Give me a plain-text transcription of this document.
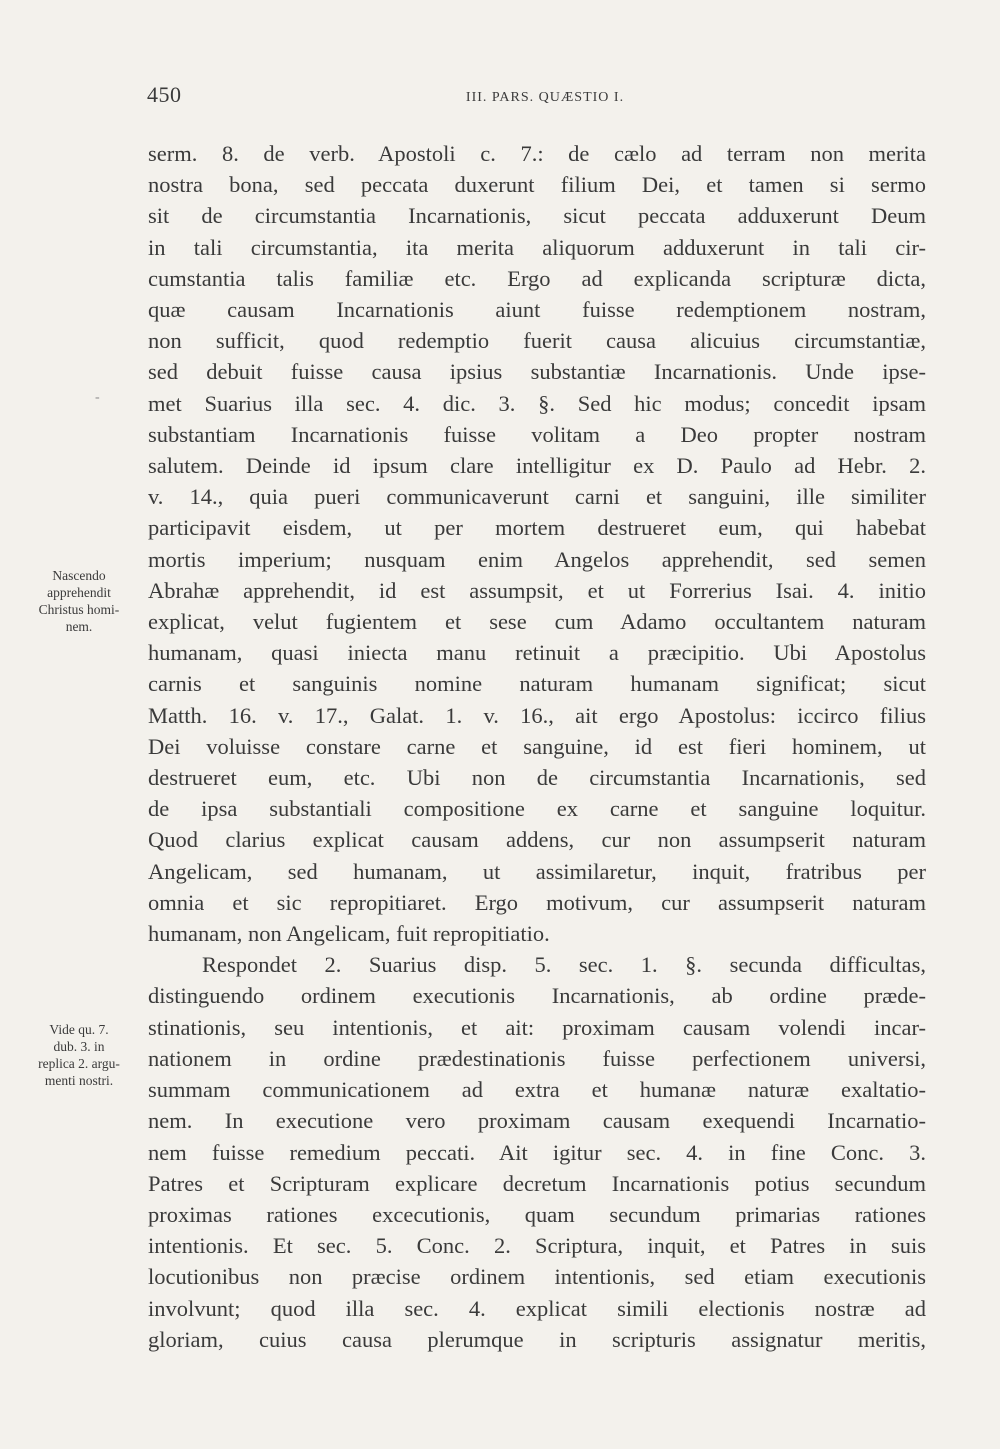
450	III. PARS. QUÆSTIO I.
-
Nascendo
apprehendit
Christus homi-
nem.
Vide qu. 7.
dub. 3. in
replica 2. argu-
menti nostri.
serm. 8. de verb. Apostoli c. 7.: de cælo ad terram non merita
nostra bona, sed peccata duxerunt filium Dei, et tamen si sermo
sit de circumstantia Incarnationis, sicut peccata adduxerunt Deum
in tali circumstantia, ita merita aliquorum adduxerunt in tali cir-
cumstantia talis familiæ etc. Ergo ad explicanda scripturæ dicta,
quæ causam Incarnationis aiunt fuisse redemptionem nostram,
non sufficit, quod redemptio fuerit causa alicuius circumstantiæ,
sed debuit fuisse causa ipsius substantiæ Incarnationis. Unde ipse-
met Suarius illa sec. 4. dic. 3. §. Sed hic modus; concedit ipsam
substantiam Incarnationis fuisse volitam a Deo propter nostram
salutem. Deinde id ipsum clare intelligitur ex D. Paulo ad Hebr. 2.
v. 14., quia pueri communicaverunt carni et sanguini, ille similiter
participavit eisdem, ut per mortem destrueret eum, qui habebat
mortis imperium; nusquam enim Angelos apprehendit, sed semen
Abrahæ apprehendit, id est assumpsit, et ut Forrerius Isai. 4. initio
explicat, velut fugientem et sese cum Adamo occultantem naturam
humanam, quasi iniecta manu retinuit a præcipitio. Ubi Apostolus
carnis et sanguinis nomine naturam humanam significat; sicut
Matth. 16. v. 17., Galat. 1. v. 16., ait ergo Apostolus: iccirco filius
Dei voluisse constare carne et sanguine, id est fieri hominem, ut
destrueret eum, etc. Ubi non de circumstantia Incarnationis, sed
de ipsa substantiali compositione ex carne et sanguine loquitur.
Quod clarius explicat causam addens, cur non assumpserit naturam
Angelicam, sed humanam, ut assimilaretur, inquit, fratribus per
omnia et sic repropitiaret. Ergo motivum, cur assumpserit naturam
humanam, non Angelicam, fuit repropitiatio.
Respondet 2. Suarius disp. 5. sec. 1. §. secunda difficultas,
distinguendo ordinem executionis Incarnationis, ab ordine præde-
stinationis, seu intentionis, et ait: proximam causam volendi incar-
nationem in ordine prædestinationis fuisse perfectionem universi,
summam communicationem ad extra et humanæ naturæ exaltatio-
nem. In executione vero proximam causam exequendi Incarnatio-
nem fuisse remedium peccati. Ait igitur sec. 4. in fine Conc. 3.
Patres et Scripturam explicare decretum Incarnationis potius secundum
proximas rationes excecutionis, quam secundum primarias rationes
intentionis. Et sec. 5. Conc. 2. Scriptura, inquit, et Patres in suis
locutionibus non præcise ordinem intentionis, sed etiam executionis
involvunt; quod illa sec. 4. explicat simili electionis nostræ ad
gloriam, cuius causa plerumque in scripturis assignatur meritis,
